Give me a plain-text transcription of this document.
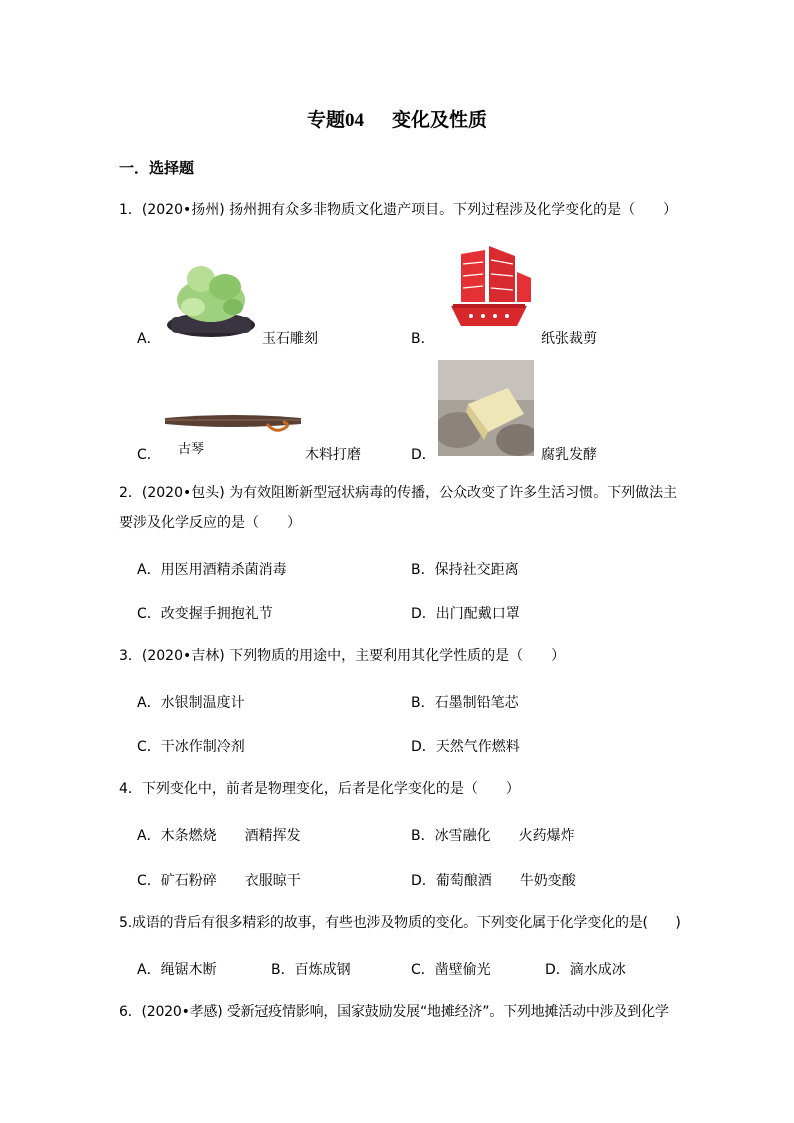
专题04 变化及性质
一．选择题
1．(2020•扬州) 扬州拥有众多非物质文化遗产项目。下列过程涉及化学变化的是（　　）
A．	玉石雕刻	B．	纸张裁剪
古琴
C．	木料打磨	D．	腐乳发酵
2．(2020•包头) 为有效阻断新型冠状病毒的传播，公众改变了许多生活习惯。下列做法主
要涉及化学反应的是（　　）
A．用医用酒精杀菌消毒	B．保持社交距离
C．改变握手拥抱礼节	D．出门配戴口罩
3．(2020•吉林) 下列物质的用途中，主要利用其化学性质的是（　　）
A．水银制温度计	B．石墨制铅笔芯
C．干冰作制冷剂	D．天然气作燃料
4．下列变化中，前者是物理变化，后者是化学变化的是（　　）
A．木条燃烧　　酒精挥发	B．冰雪融化　　火药爆炸
C．矿石粉碎　　衣服晾干	D．葡萄酿酒　　牛奶变酸
5.成语的背后有很多精彩的故事，有些也涉及物质的变化。下列变化属于化学变化的是(　　)
A．绳锯木断	B．百炼成钢	C．凿壁偷光	D．滴水成冰
6．(2020•孝感) 受新冠疫情影响，国家鼓励发展“地摊经济”。下列地摊活动中涉及到化学
